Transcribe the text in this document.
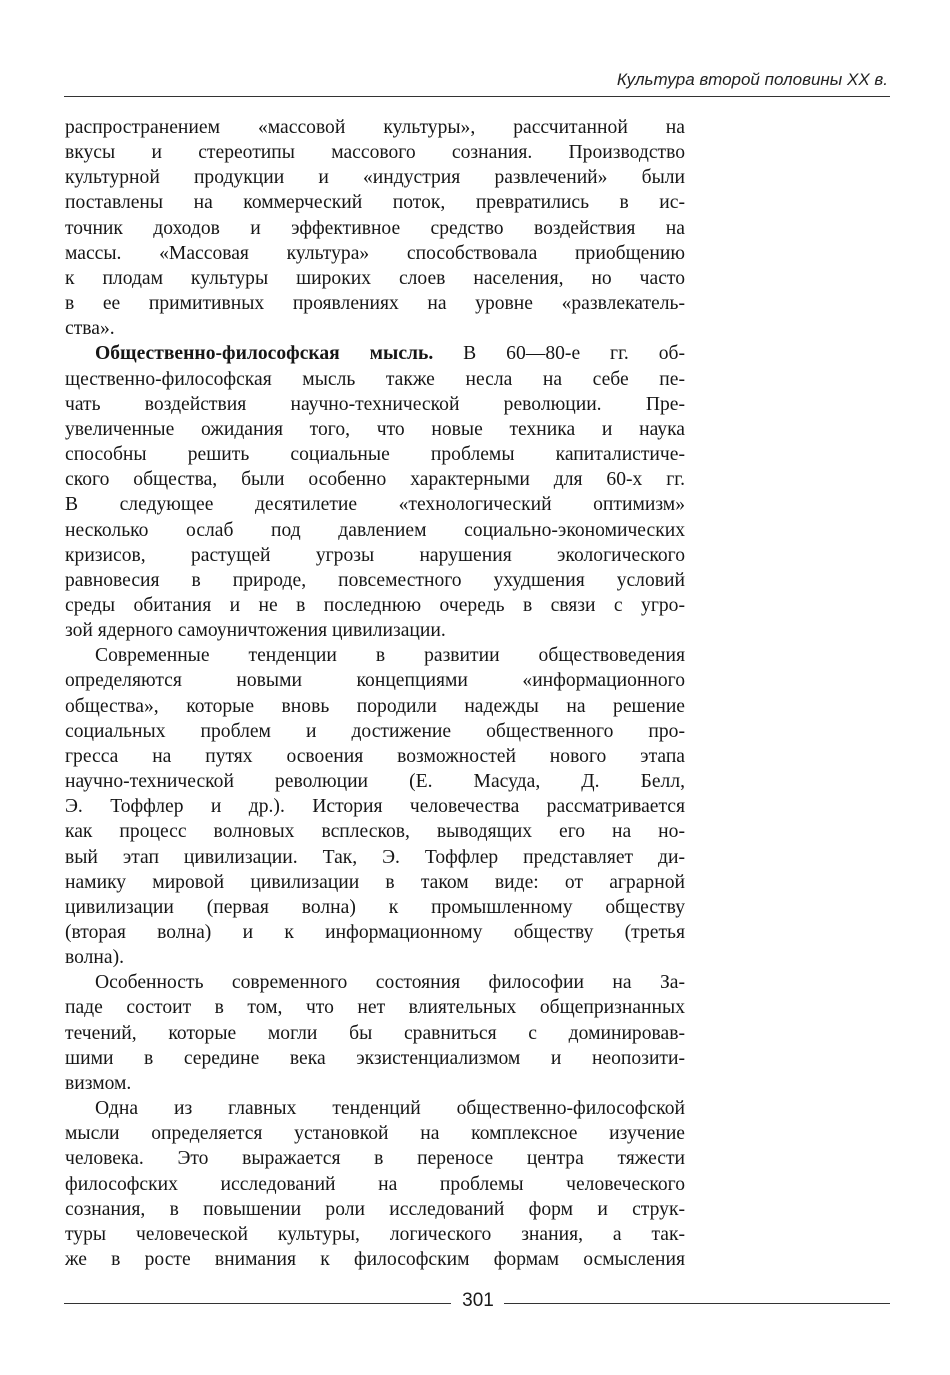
Культура второй половины XX в.
распространением «массовой культуры», рассчитанной на
вкусы и стереотипы массового сознания. Производство
культурной продукции и «индустрия развлечений» были
поставлены на коммерческий поток, превратились в ис-
точник доходов и эффективное средство воздействия на
массы. «Массовая культура» способствовала приобщению
к плодам культуры широких слоев населения, но часто
в ее примитивных проявлениях на уровне «развлекатель-
ства».
Общественно-философская мысль. В 60—80-е гг. об-
щественно-философская мысль также несла на себе пе-
чать воздействия научно-технической революции. Пре-
увеличенные ожидания того, что новые техника и наука
способны решить социальные проблемы капиталистиче-
ского общества, были особенно характерными для 60-х гг.
В следующее десятилетие «технологический оптимизм»
несколько ослаб под давлением социально-экономических
кризисов, растущей угрозы нарушения экологического
равновесия в природе, повсеместного ухудшения условий
среды обитания и не в последнюю очередь в связи с угро-
зой ядерного самоуничтожения цивилизации.
Современные тенденции в развитии обществоведения
определяются новыми концепциями «информационного
общества», которые вновь породили надежды на решение
социальных проблем и достижение общественного про-
гресса на путях освоения возможностей нового этапа
научно-технической революции (Е. Масуда, Д. Белл,
Э. Тоффлер и др.). История человечества рассматривается
как процесс волновых всплесков, выводящих его на но-
вый этап цивилизации. Так, Э. Тоффлер представляет ди-
намику мировой цивилизации в таком виде: от аграрной
цивилизации (первая волна) к промышленному обществу
(вторая волна) и к информационному обществу (третья
волна).
Особенность современного состояния философии на За-
паде состоит в том, что нет влиятельных общепризнанных
течений, которые могли бы сравниться с доминировав-
шими в середине века экзистенциализмом и неопозити-
визмом.
Одна из главных тенденций общественно-философской
мысли определяется установкой на комплексное изучение
человека. Это выражается в переносе центра тяжести
философских исследований на проблемы человеческого
сознания, в повышении роли исследований форм и струк-
туры человеческой культуры, логического знания, а так-
же в росте внимания к философским формам осмысления
301
